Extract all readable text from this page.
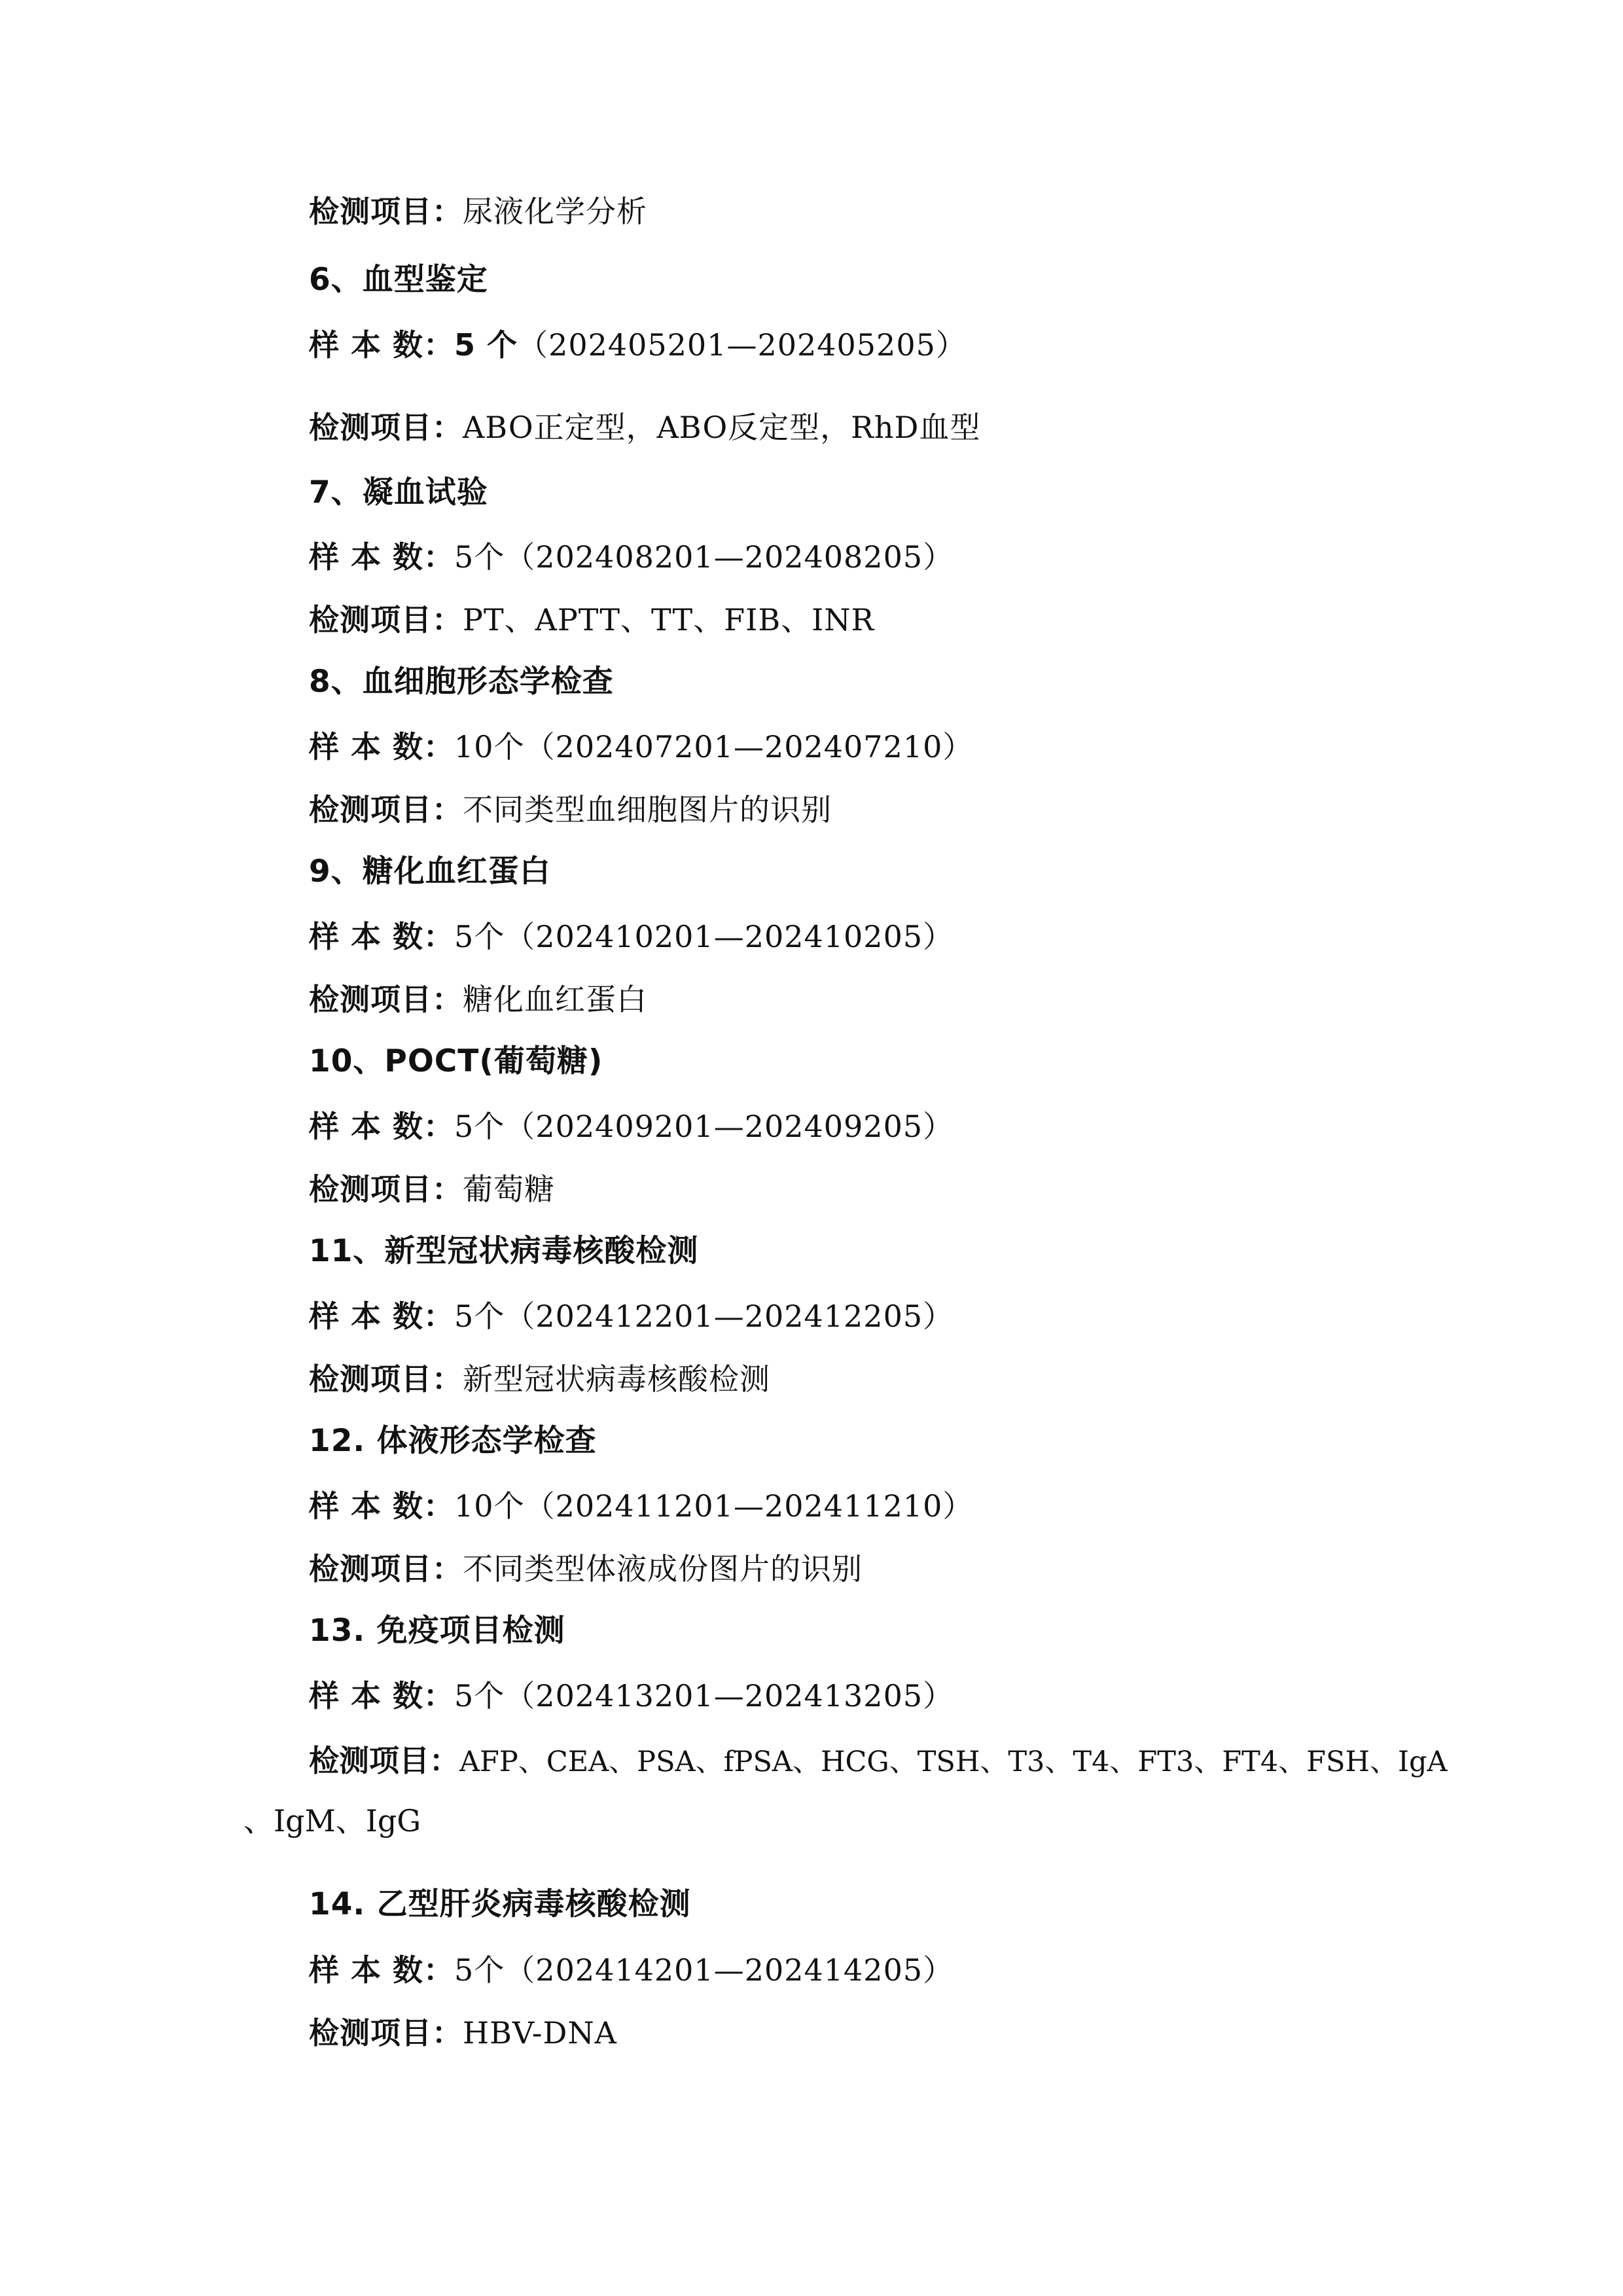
检测项目：尿液化学分析
6、血型鉴定
样 本 数：5 个（202405201—202405205）
检测项目：ABO正定型，ABO反定型，RhD血型
7、凝血试验
样 本 数：5个（202408201—202408205）
检测项目：PT、APTT、TT、FIB、INR
8、血细胞形态学检查
样 本 数：10个（202407201—202407210）
检测项目：不同类型血细胞图片的识别
9、糖化血红蛋白
样 本 数：5个（202410201—202410205）
检测项目：糖化血红蛋白
10、POCT(葡萄糖)
样 本 数：5个（202409201—202409205）
检测项目：葡萄糖
11、新型冠状病毒核酸检测
样 本 数：5个（202412201—202412205）
检测项目：新型冠状病毒核酸检测
12. 体液形态学检查
样 本 数：10个（202411201—202411210）
检测项目：不同类型体液成份图片的识别
13. 免疫项目检测
样 本 数：5个（202413201—202413205）
检测项目：AFP、CEA、PSA、fPSA、HCG、TSH、T3、T4、FT3、FT4、FSH、IgA
、IgM、IgG
14. 乙型肝炎病毒核酸检测
样 本 数：5个（202414201—202414205）
检测项目：HBV-DNA
